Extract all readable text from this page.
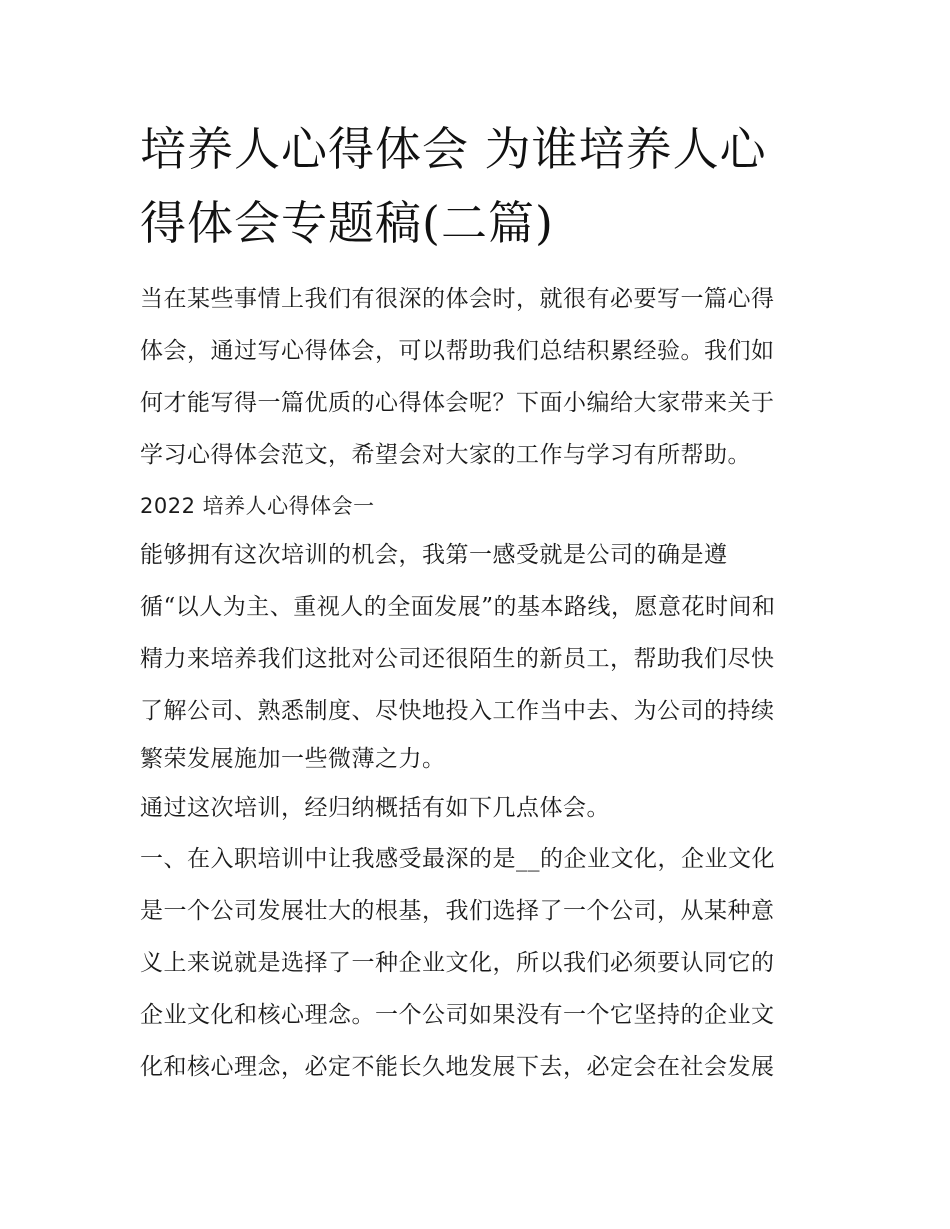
培养人心得体会 为谁培养人心
得体会专题稿(二篇)
当在某些事情上我们有很深的体会时，就很有必要写一篇心得
体会，通过写心得体会，可以帮助我们总结积累经验。我们如
何才能写得一篇优质的心得体会呢？下面小编给大家带来关于
学习心得体会范文，希望会对大家的工作与学习有所帮助。
2022 培养人心得体会一
能够拥有这次培训的机会，我第一感受就是公司的确是遵
循“以人为主、重视人的全面发展”的基本路线，愿意花时间和
精力来培养我们这批对公司还很陌生的新员工，帮助我们尽快
了解公司、熟悉制度、尽快地投入工作当中去、为公司的持续
繁荣发展施加一些微薄之力。
通过这次培训，经归纳概括有如下几点体会。
一、在入职培训中让我感受最深的是__的企业文化，企业文化
是一个公司发展壮大的根基，我们选择了一个公司，从某种意
义上来说就是选择了一种企业文化，所以我们必须要认同它的
企业文化和核心理念。一个公司如果没有一个它坚持的企业文
化和核心理念，必定不能长久地发展下去，必定会在社会发展
